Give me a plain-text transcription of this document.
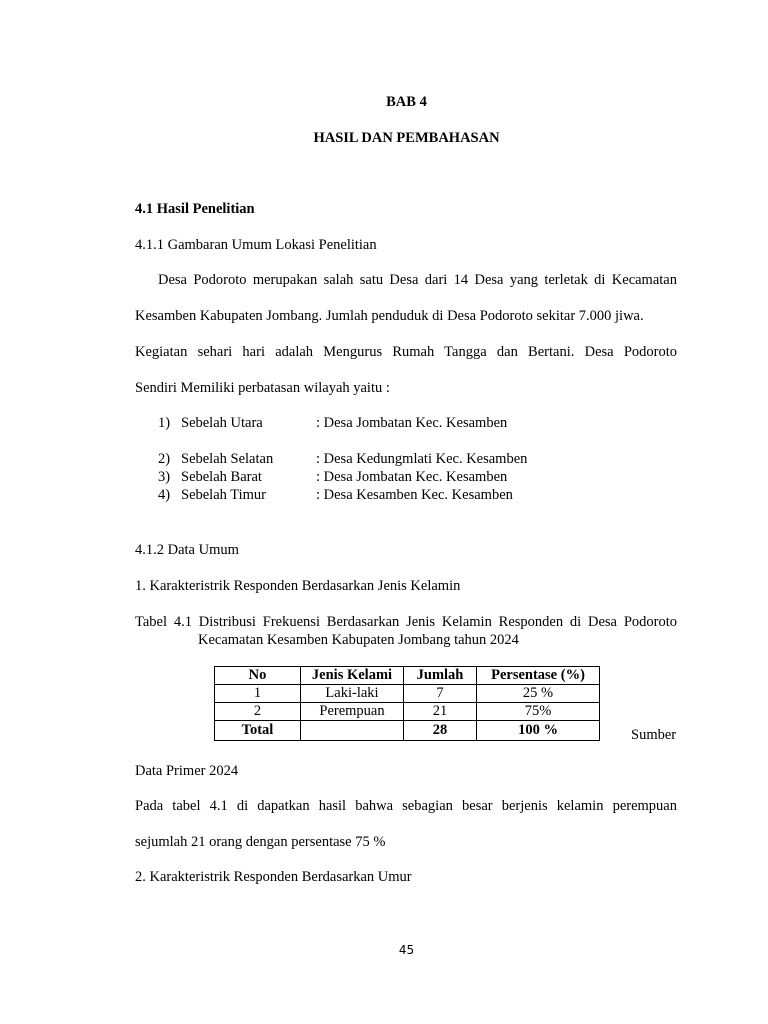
BAB 4
HASIL DAN PEMBAHASAN
4.1 Hasil Penelitian
4.1.1 Gambaran Umum Lokasi Penelitian
Desa Podoroto merupakan salah satu Desa dari 14 Desa yang terletak di Kecamatan
Kesamben Kabupaten Jombang. Jumlah penduduk di Desa Podoroto sekitar 7.000 jiwa.
Kegiatan sehari hari adalah Mengurus Rumah Tangga dan Bertani. Desa Podoroto
Sendiri Memiliki perbatasan wilayah yaitu :
1) Sebelah Utara	: Desa Jombatan Kec. Kesamben
2) Sebelah Selatan	: Desa Kedungmlati Kec. Kesamben
3) Sebelah Barat	: Desa Jombatan Kec. Kesamben
4) Sebelah Timur	: Desa Kesamben Kec. Kesamben
4.1.2 Data Umum
1. Karakteristrik Responden Berdasarkan Jenis Kelamin
Tabel 4.1 Distribusi Frekuensi Berdasarkan Jenis Kelamin Responden di Desa Podoroto
Kecamatan Kesamben Kabupaten Jombang tahun 2024
No	Jenis Kelami	Jumlah	Persentase (%)
1	Laki-laki	7	25 %
2	Perempuan	21	75%
Total		28	100 %	Sumber
Data Primer 2024
Pada tabel 4.1 di dapatkan hasil bahwa sebagian besar berjenis kelamin perempuan
sejumlah 21 orang dengan persentase 75 %
2. Karakteristrik Responden Berdasarkan Umur
45
